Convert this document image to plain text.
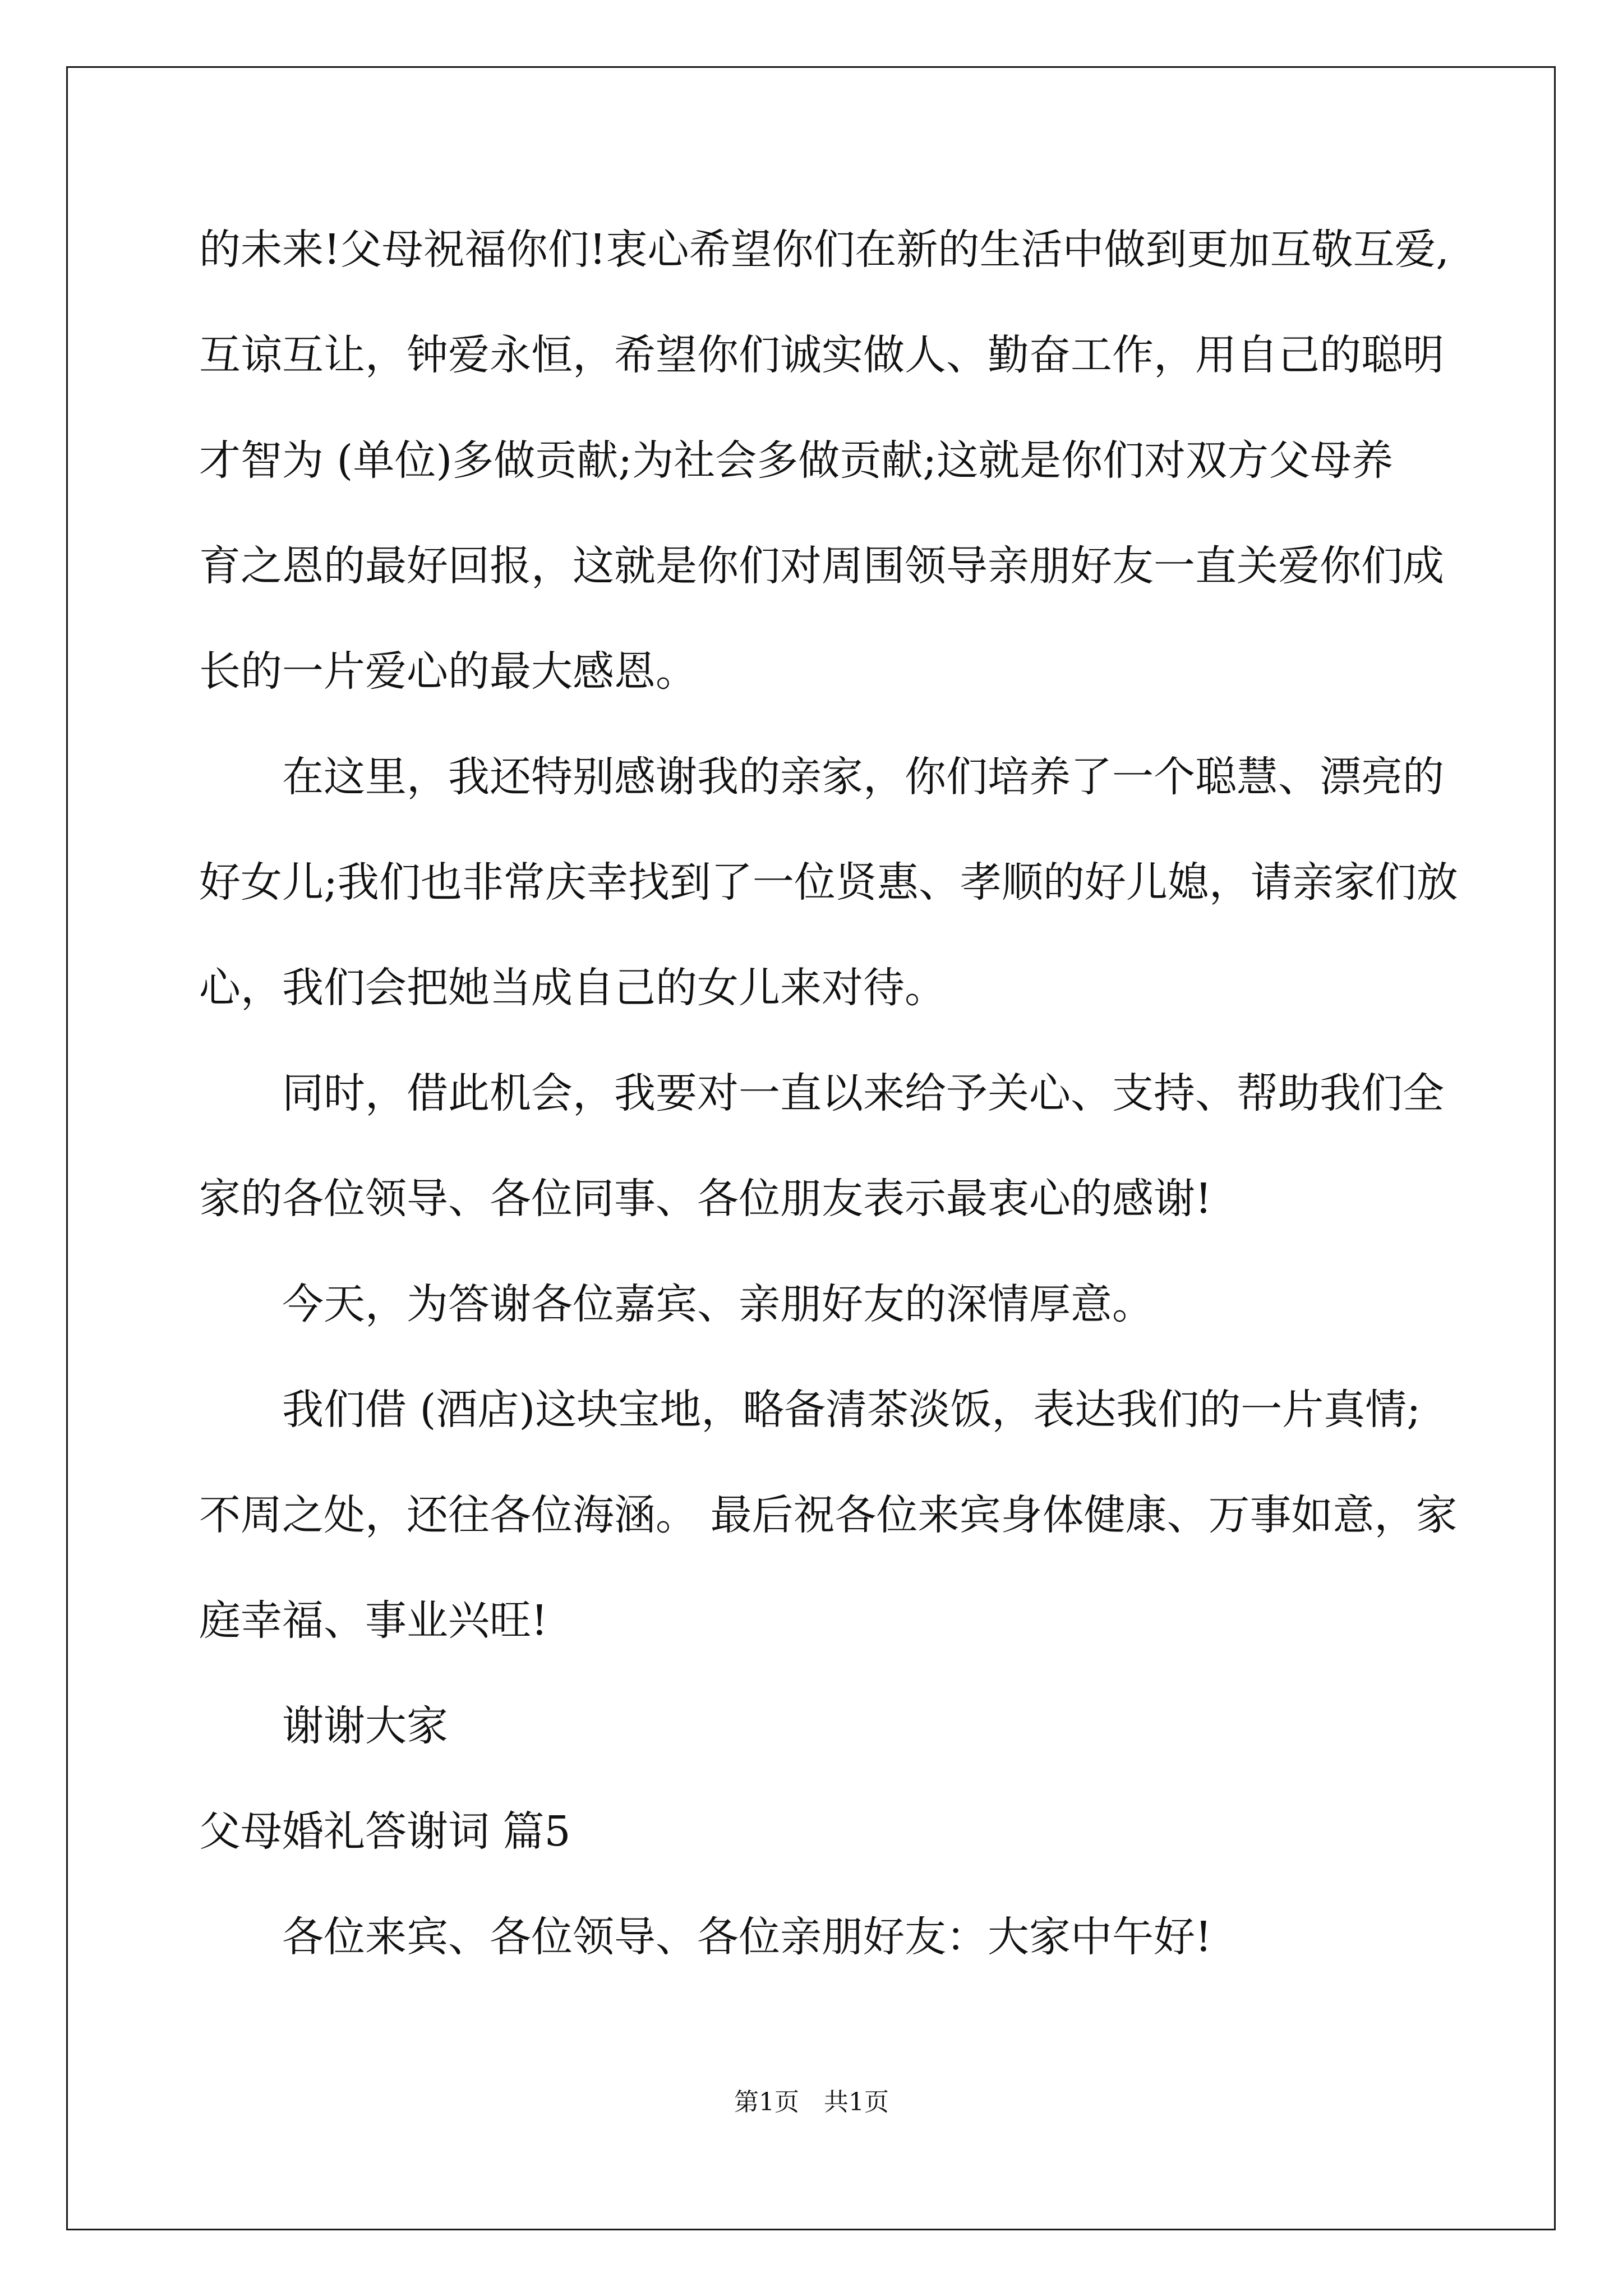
的未来!父母祝福你们!衷心希望你们在新的生活中做到更加互敬互爱,
互谅互让，钟爱永恒，希望你们诚实做人、勤奋工作，用自己的聪明
才智为 (单位)多做贡献;为社会多做贡献;这就是你们对双方父母养
育之恩的最好回报，这就是你们对周围领导亲朋好友一直关爱你们成
长的一片爱心的最大感恩。
在这里，我还特别感谢我的亲家，你们培养了一个聪慧、漂亮的
好女儿;我们也非常庆幸找到了一位贤惠、孝顺的好儿媳，请亲家们放
心，我们会把她当成自己的女儿来对待。
同时，借此机会，我要对一直以来给予关心、支持、帮助我们全
家的各位领导、各位同事、各位朋友表示最衷心的感谢!
今天，为答谢各位嘉宾、亲朋好友的深情厚意。
我们借 (酒店)这块宝地，略备清茶淡饭，表达我们的一片真情;
不周之处，还往各位海涵。 最后祝各位来宾身体健康、万事如意，家
庭幸福、事业兴旺!
谢谢大家
父母婚礼答谢词 篇5
各位来宾、各位领导、各位亲朋好友：大家中午好!
第1页　共1页
